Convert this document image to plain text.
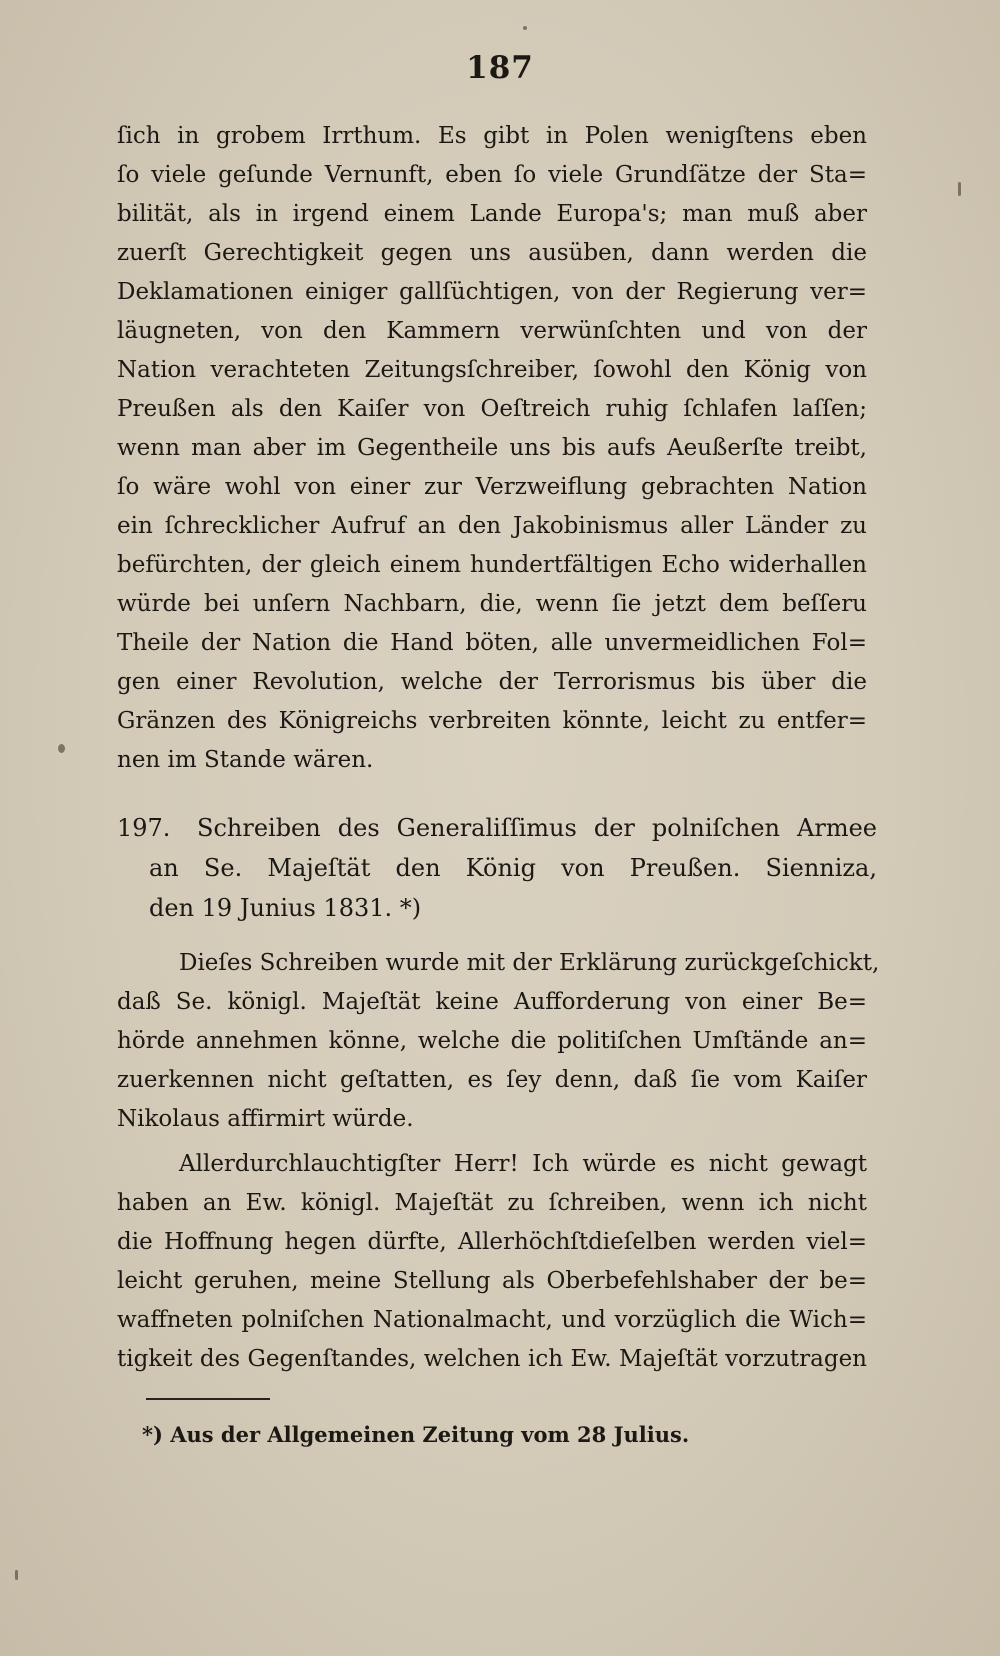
187
ſich in grobem Irrthum. Es gibt in Polen wenigſtens eben
ſo viele geſunde Vernunft, eben ſo viele Grundſätze der Sta=
bilität, als in irgend einem Lande Europa's; man muß aber
zuerſt Gerechtigkeit gegen uns ausüben, dann werden die
Deklamationen einiger gallſüchtigen, von der Regierung ver=
läugneten, von den Kammern verwünſchten und von der
Nation verachteten Zeitungsſchreiber, ſowohl den König von
Preußen als den Kaiſer von Oeſtreich ruhig ſchlafen laſſen;
wenn man aber im Gegentheile uns bis aufs Aeußerſte treibt,
ſo wäre wohl von einer zur Verzweiflung gebrachten Nation
ein ſchrecklicher Aufruf an den Jakobinismus aller Länder zu
befürchten, der gleich einem hundertfältigen Echo widerhallen
würde bei unſern Nachbarn, die, wenn ſie jetzt dem beſſeru
Theile der Nation die Hand böten, alle unvermeidlichen Fol=
gen einer Revolution, welche der Terrorismus bis über die
Gränzen des Königreichs verbreiten könnte, leicht zu entfer=
nen im Stande wären.
197. Schreiben des Generaliſſimus der polniſchen Armee
an Se. Majeſtät den König von Preußen. Sienniza,
den 19 Junius 1831. *)
Dieſes Schreiben wurde mit der Erklärung zurückgeſchickt,
daß Se. königl. Majeſtät keine Aufforderung von einer Be=
hörde annehmen könne, welche die politiſchen Umſtände an=
zuerkennen nicht geſtatten, es ſey denn, daß ſie vom Kaiſer
Nikolaus affirmirt würde.
Allerdurchlauchtigſter Herr! Ich würde es nicht gewagt
haben an Ew. königl. Majeſtät zu ſchreiben, wenn ich nicht
die Hoffnung hegen dürfte, Allerhöchſtdieſelben werden viel=
leicht geruhen, meine Stellung als Oberbefehlshaber der be=
waffneten polniſchen Nationalmacht, und vorzüglich die Wich=
tigkeit des Gegenſtandes, welchen ich Ew. Majeſtät vorzutragen
*) Aus der Allgemeinen Zeitung vom 28 Julius.
